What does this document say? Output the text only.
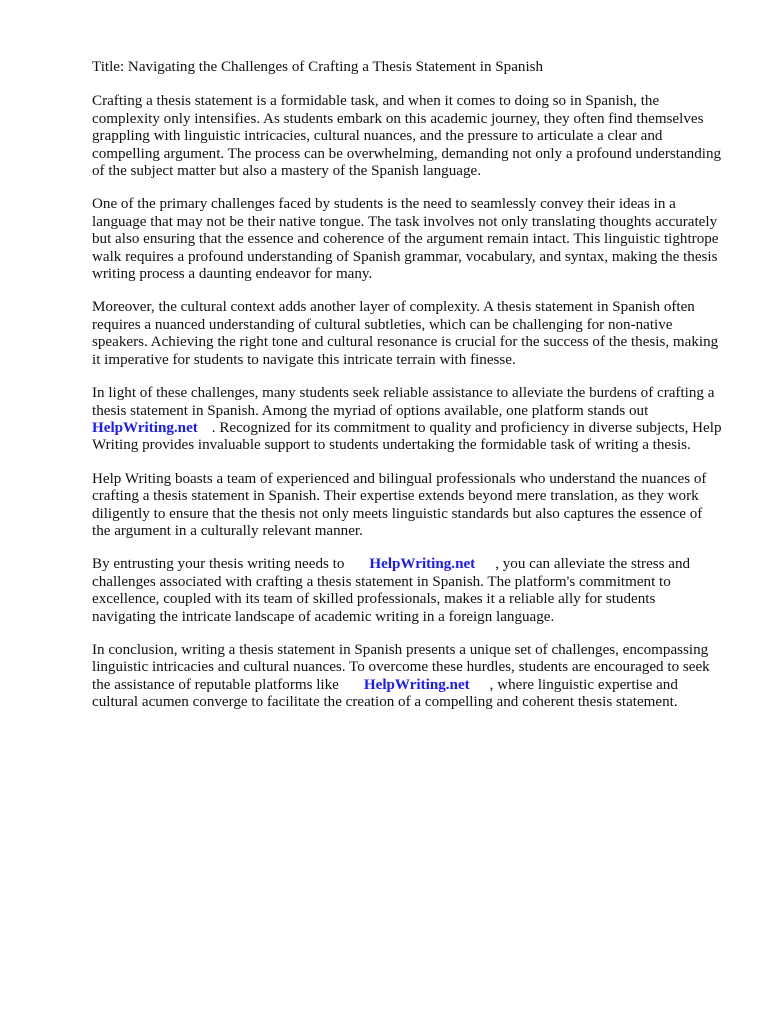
Title: Navigating the Challenges of Crafting a Thesis Statement in Spanish

Crafting a thesis statement is a formidable task, and when it comes to doing so in Spanish, the complexity only intensifies. As students embark on this academic journey, they often find themselves grappling with linguistic intricacies, cultural nuances, and the pressure to articulate a clear and compelling argument. The process can be overwhelming, demanding not only a profound understanding of the subject matter but also a mastery of the Spanish language.

One of the primary challenges faced by students is the need to seamlessly convey their ideas in a language that may not be their native tongue. The task involves not only translating thoughts accurately but also ensuring that the essence and coherence of the argument remain intact. This linguistic tightrope walk requires a profound understanding of Spanish grammar, vocabulary, and syntax, making the thesis writing process a daunting endeavor for many.

Moreover, the cultural context adds another layer of complexity. A thesis statement in Spanish often requires a nuanced understanding of cultural subtleties, which can be challenging for non-native speakers. Achieving the right tone and cultural resonance is crucial for the success of the thesis, making it imperative for students to navigate this intricate terrain with finesse.

In light of these challenges, many students seek reliable assistance to alleviate the burdens of crafting a thesis statement in Spanish. Among the myriad of options available, one platform stands out HelpWriting.net . Recognized for its commitment to quality and proficiency in diverse subjects, Help Writing provides invaluable support to students undertaking the formidable task of writing a thesis.

Help Writing boasts a team of experienced and bilingual professionals who understand the nuances of crafting a thesis statement in Spanish. Their expertise extends beyond mere translation, as they work diligently to ensure that the thesis not only meets linguistic standards but also captures the essence of the argument in a culturally relevant manner.

By entrusting your thesis writing needs to HelpWriting.net , you can alleviate the stress and challenges associated with crafting a thesis statement in Spanish. The platform's commitment to excellence, coupled with its team of skilled professionals, makes it a reliable ally for students navigating the intricate landscape of academic writing in a foreign language.

In conclusion, writing a thesis statement in Spanish presents a unique set of challenges, encompassing linguistic intricacies and cultural nuances. To overcome these hurdles, students are encouraged to seek the assistance of reputable platforms like HelpWriting.net , where linguistic expertise and cultural acumen converge to facilitate the creation of a compelling and coherent thesis statement.
